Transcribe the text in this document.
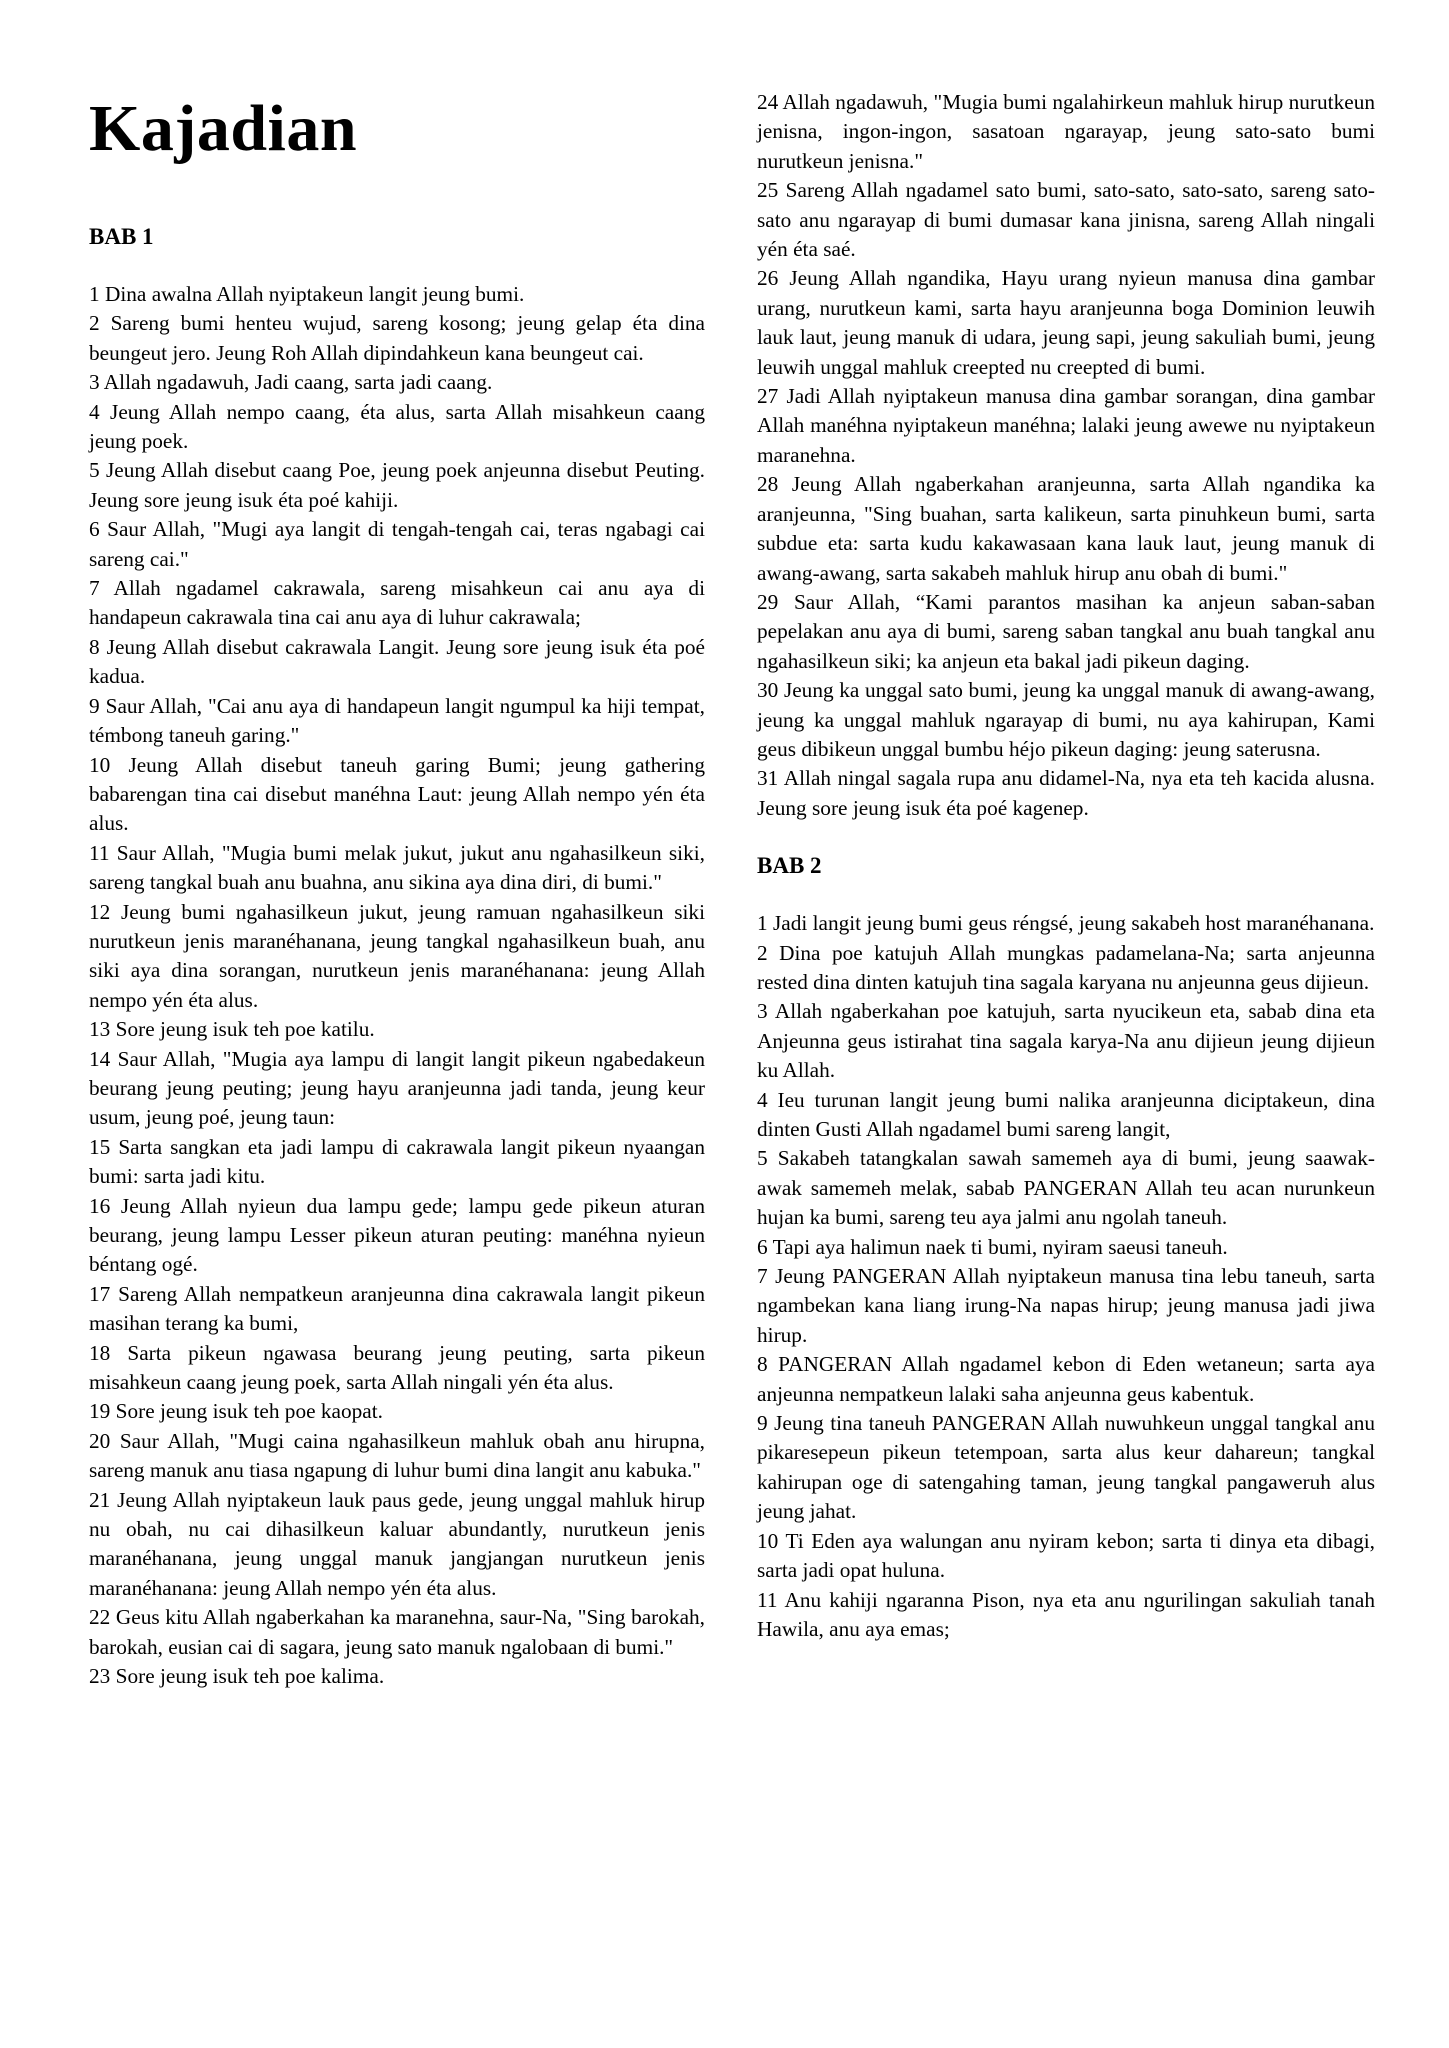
Kajadian
BAB 1

1 Dina awalna Allah nyiptakeun langit jeung bumi.

2 Sareng bumi henteu wujud, sareng kosong; jeung gelap éta dina beungeut jero. Jeung Roh Allah dipindahkeun kana beungeut cai.

3 Allah ngadawuh, Jadi caang, sarta jadi caang.

4 Jeung Allah nempo caang, éta alus, sarta Allah misahkeun caang jeung poek.

5 Jeung Allah disebut caang Poe, jeung poek anjeunna disebut Peuting. Jeung sore jeung isuk éta poé kahiji.

6 Saur Allah, "Mugi aya langit di tengah-tengah cai, teras ngabagi cai sareng cai."

7 Allah ngadamel cakrawala, sareng misahkeun cai anu aya di handapeun cakrawala tina cai anu aya di luhur cakrawala;

8 Jeung Allah disebut cakrawala Langit. Jeung sore jeung isuk éta poé kadua.

9 Saur Allah, "Cai anu aya di handapeun langit ngumpul ka hiji tempat, témbong taneuh garing."

10 Jeung Allah disebut taneuh garing Bumi; jeung gathering babarengan tina cai disebut manéhna Laut: jeung Allah nempo yén éta alus.

11 Saur Allah, "Mugia bumi melak jukut, jukut anu ngahasilkeun siki, sareng tangkal buah anu buahna, anu sikina aya dina diri, di bumi."

12 Jeung bumi ngahasilkeun jukut, jeung ramuan ngahasilkeun siki nurutkeun jenis maranéhanana, jeung tangkal ngahasilkeun buah, anu siki aya dina sorangan, nurutkeun jenis maranéhanana: jeung Allah nempo yén éta alus.

13 Sore jeung isuk teh poe katilu.

14 Saur Allah, "Mugia aya lampu di langit langit pikeun ngabedakeun beurang jeung peuting; jeung hayu aranjeunna jadi tanda, jeung keur usum, jeung poé, jeung taun:

15 Sarta sangkan eta jadi lampu di cakrawala langit pikeun nyaangan bumi: sarta jadi kitu.

16 Jeung Allah nyieun dua lampu gede; lampu gede pikeun aturan beurang, jeung lampu Lesser pikeun aturan peuting: manéhna nyieun béntang ogé.

17 Sareng Allah nempatkeun aranjeunna dina cakrawala langit pikeun masihan terang ka bumi,

18 Sarta pikeun ngawasa beurang jeung peuting, sarta pikeun misahkeun caang jeung poek, sarta Allah ningali yén éta alus.

19 Sore jeung isuk teh poe kaopat.

20 Saur Allah, "Mugi caina ngahasilkeun mahluk obah anu hirupna, sareng manuk anu tiasa ngapung di luhur bumi dina langit anu kabuka."

21 Jeung Allah nyiptakeun lauk paus gede, jeung unggal mahluk hirup nu obah, nu cai dihasilkeun kaluar abundantly, nurutkeun jenis maranéhanana, jeung unggal manuk jangjangan nurutkeun jenis maranéhanana: jeung Allah nempo yén éta alus.

22 Geus kitu Allah ngaberkahan ka maranehna, saur-Na, "Sing barokah, barokah, eusian cai di sagara, jeung sato manuk ngalobaan di bumi."

23 Sore jeung isuk teh poe kalima.

24 Allah ngadawuh, "Mugia bumi ngalahirkeun mahluk hirup nurutkeun jenisna, ingon-ingon, sasatoan ngarayap, jeung sato-sato bumi nurutkeun jenisna."

25 Sareng Allah ngadamel sato bumi, sato-sato, sato-sato, sareng sato-sato anu ngarayap di bumi dumasar kana jinisna, sareng Allah ningali yén éta saé.

26 Jeung Allah ngandika, Hayu urang nyieun manusa dina gambar urang, nurutkeun kami, sarta hayu aranjeunna boga Dominion leuwih lauk laut, jeung manuk di udara, jeung sapi, jeung sakuliah bumi, jeung leuwih unggal mahluk creepted nu creepted di bumi.

27 Jadi Allah nyiptakeun manusa dina gambar sorangan, dina gambar Allah manéhna nyiptakeun manéhna; lalaki jeung awewe nu nyiptakeun maranehna.

28 Jeung Allah ngaberkahan aranjeunna, sarta Allah ngandika ka aranjeunna, "Sing buahan, sarta kalikeun, sarta pinuhkeun bumi, sarta subdue eta: sarta kudu kakawasaan kana lauk laut, jeung manuk di awang-awang, sarta sakabeh mahluk hirup anu obah di bumi."

29 Saur Allah, “Kami parantos masihan ka anjeun saban-saban pepelakan anu aya di bumi, sareng saban tangkal anu buah tangkal anu ngahasilkeun siki; ka anjeun eta bakal jadi pikeun daging.

30 Jeung ka unggal sato bumi, jeung ka unggal manuk di awang-awang, jeung ka unggal mahluk ngarayap di bumi, nu aya kahirupan, Kami geus dibikeun unggal bumbu héjo pikeun daging: jeung saterusna.

31 Allah ningal sagala rupa anu didamel-Na, nya eta teh kacida alusna. Jeung sore jeung isuk éta poé kagenep.

BAB 2

1 Jadi langit jeung bumi geus réngsé, jeung sakabeh host maranéhanana.

2 Dina poe katujuh Allah mungkas padamelana-Na; sarta anjeunna rested dina dinten katujuh tina sagala karyana nu anjeunna geus dijieun.

3 Allah ngaberkahan poe katujuh, sarta nyucikeun eta, sabab dina eta Anjeunna geus istirahat tina sagala karya-Na anu dijieun jeung dijieun ku Allah.

4 Ieu turunan langit jeung bumi nalika aranjeunna diciptakeun, dina dinten Gusti Allah ngadamel bumi sareng langit,

5 Sakabeh tatangkalan sawah samemeh aya di bumi, jeung saawak-awak samemeh melak, sabab PANGERAN Allah teu acan nurunkeun hujan ka bumi, sareng teu aya jalmi anu ngolah taneuh.

6 Tapi aya halimun naek ti bumi, nyiram saeusi taneuh.

7 Jeung PANGERAN Allah nyiptakeun manusa tina lebu taneuh, sarta ngambekan kana liang irung-Na napas hirup; jeung manusa jadi jiwa hirup.

8 PANGERAN Allah ngadamel kebon di Eden wetaneun; sarta aya anjeunna nempatkeun lalaki saha anjeunna geus kabentuk.

9 Jeung tina taneuh PANGERAN Allah nuwuhkeun unggal tangkal anu pikaresepeun pikeun tetempoan, sarta alus keur dahareun; tangkal kahirupan oge di satengahing taman, jeung tangkal pangaweruh alus jeung jahat.

10 Ti Eden aya walungan anu nyiram kebon; sarta ti dinya eta dibagi, sarta jadi opat huluna.

11 Anu kahiji ngaranna Pison, nya eta anu ngurilingan sakuliah tanah Hawila, anu aya emas;
